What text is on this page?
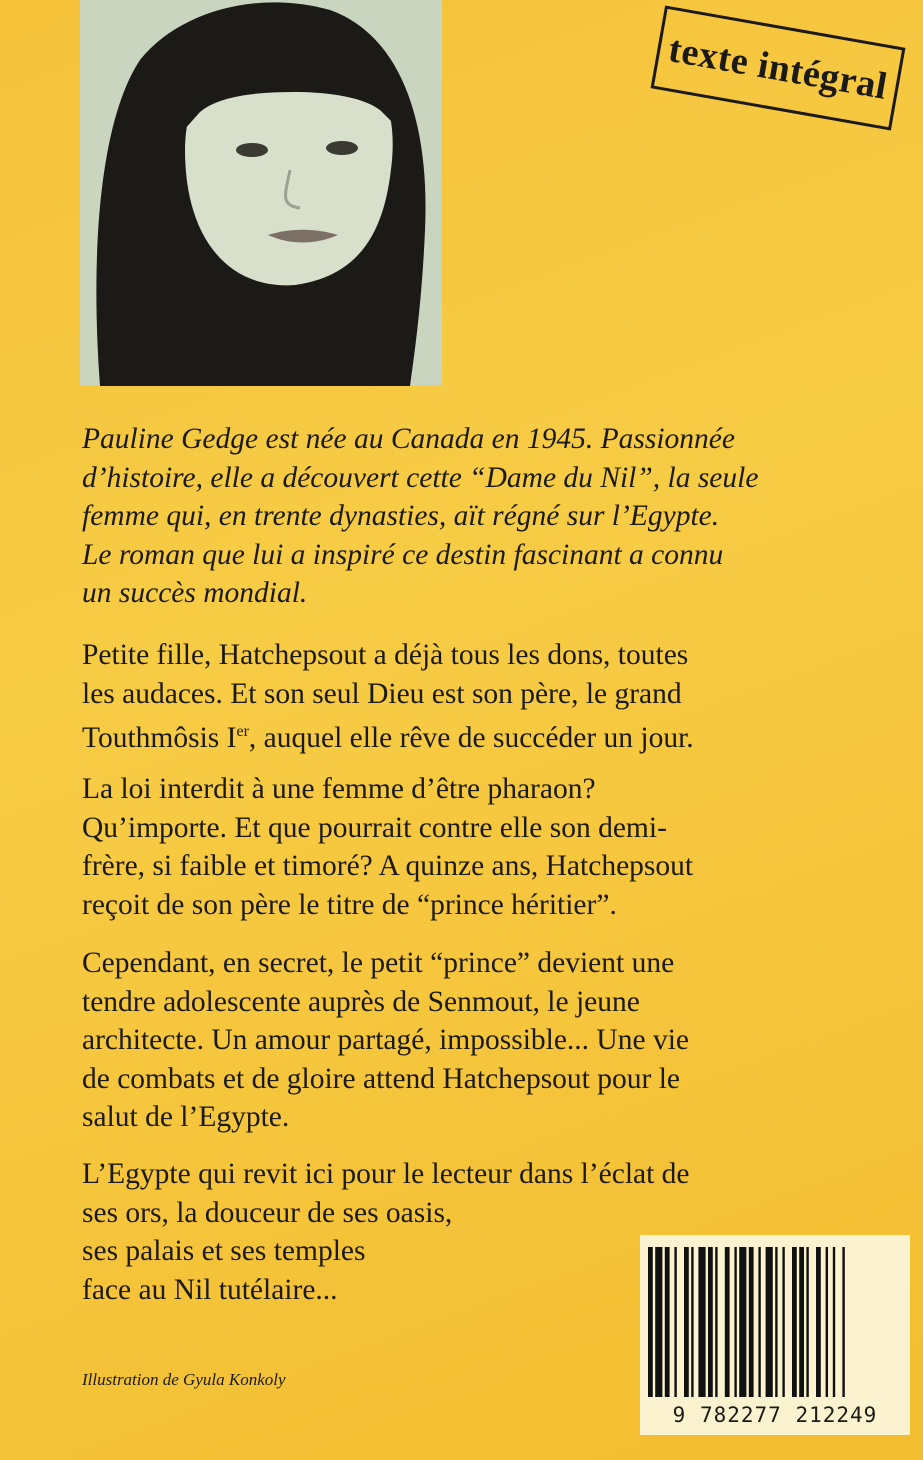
texte intégral

Pauline Gedge est née au Canada en 1945. Passionnée
d’histoire, elle a découvert cette “Dame du Nil”, la seule
femme qui, en trente dynasties, aït régné sur l’Egypte.
Le roman que lui a inspiré ce destin fascinant a connu
un succès mondial.

Petite fille, Hatchepsout a déjà tous les dons, toutes
les audaces. Et son seul Dieu est son père, le grand
Touthmôsis Ier, auquel elle rêve de succéder un jour.

La loi interdit à une femme d’être pharaon?
Qu’importe. Et que pourrait contre elle son demi-
frère, si faible et timoré? A quinze ans, Hatchepsout
reçoit de son père le titre de “prince héritier”.

Cependant, en secret, le petit “prince” devient une
tendre adolescente auprès de Senmout, le jeune
architecte. Un amour partagé, impossible... Une vie
de combats et de gloire attend Hatchepsout pour le
salut de l’Egypte.

L’Egypte qui revit ici pour le lecteur dans l’éclat de
ses ors, la douceur de ses oasis,
ses palais et ses temples
face au Nil tutélaire...

Illustration de Gyula Konkoly

9 782277 212249
